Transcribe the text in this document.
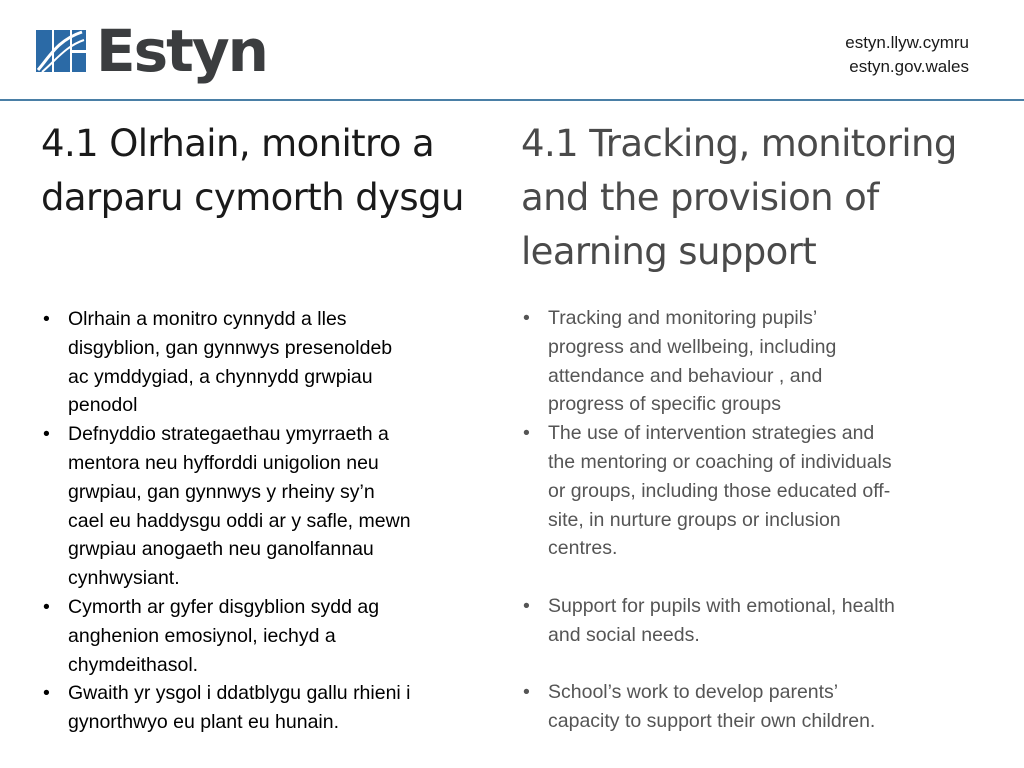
Estyn	estyn.llyw.cymru
estyn.gov.wales
4.1 Olrhain, monitro a
darparu cymorth dysgu
• Olrhain a monitro cynnydd a lles
disgyblion, gan gynnwys presenoldeb
ac ymddygiad, a chynnydd grwpiau
penodol
• Defnyddio strategaethau ymyrraeth a
mentora neu hyfforddi unigolion neu
grwpiau, gan gynnwys y rheiny sy’n
cael eu haddysgu oddi ar y safle, mewn
grwpiau anogaeth neu ganolfannau
cynhwysiant.
• Cymorth ar gyfer disgyblion sydd ag
anghenion emosiynol, iechyd a
chymdeithasol.
• Gwaith yr ysgol i ddatblygu gallu rhieni i
gynorthwyo eu plant eu hunain.
4.1 Tracking, monitoring
and the provision of
learning support
• Tracking and monitoring pupils’
progress and wellbeing, including
attendance and behaviour , and
progress of specific groups
• The use of intervention strategies and
the mentoring or coaching of individuals
or groups, including those educated off-
site, in nurture groups or inclusion
centres.
• Support for pupils with emotional, health
and social needs.
• School’s work to develop parents’
capacity to support their own children.
